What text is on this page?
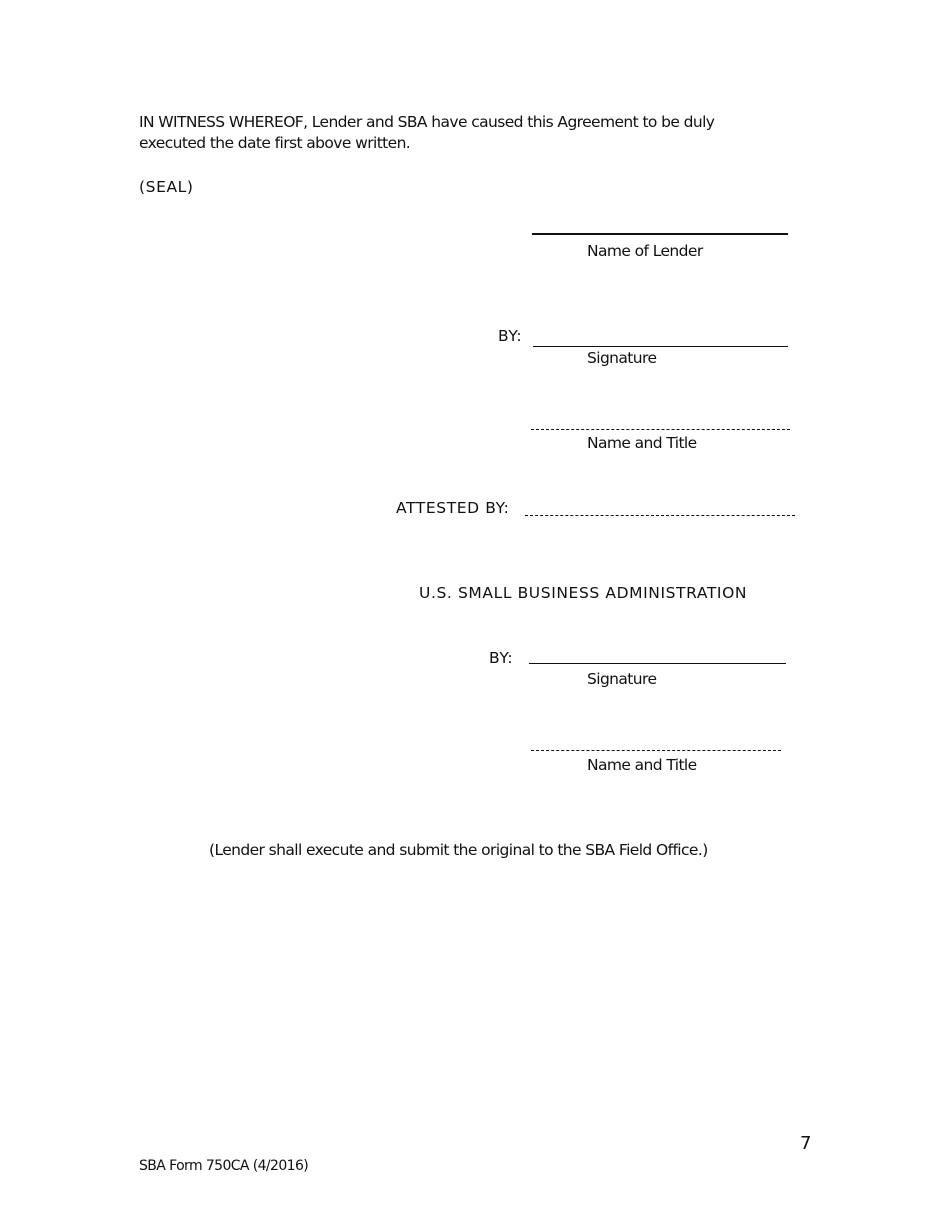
IN WITNESS WHEREOF, Lender and SBA have caused this Agreement to be duly
executed the date first above written.
(SEAL)
Name of Lender
BY:
Signature
Name and Title
ATTESTED BY:
U.S. SMALL BUSINESS ADMINISTRATION
BY:
Signature
Name and Title
(Lender shall execute and submit the original to the SBA Field Office.)
7
SBA Form 750CA (4/2016)
